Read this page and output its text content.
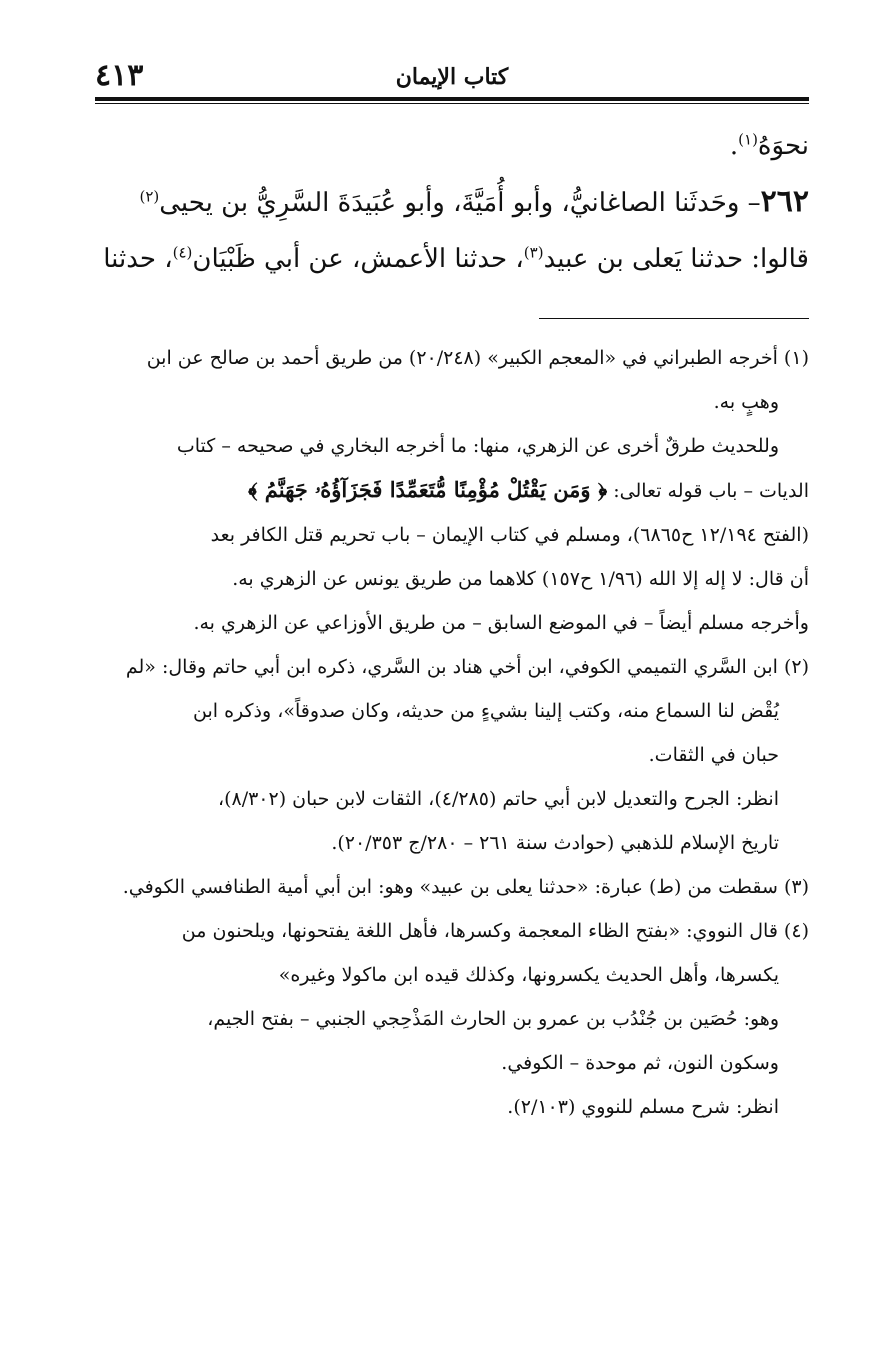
٤١٣	كتاب الإيمان
نحوَهُ$^{(١)}$.
٢٦٢– وحَدثَنا الصاغانيُّ، وأبو أُمَيَّةَ، وأبو عُبَيدَةَ السَّرِيُّ بن يحيى$^{(٢)}$
قالوا: حدثنا يَعلى بن عبيد$^{(٣)}$، حدثنا الأعمش، عن أبي ظَبْيَان$^{(٤)}$، حدثنا
(١) أخرجه الطبراني في «المعجم الكبير» (٢٠/٢٤٨) من طريق أحمد بن صالح عن ابن
وهبٍ به.
وللحديث طرقٌ أخرى عن الزهري، منها: ما أخرجه البخاري في صحيحه – كتاب
الديات – باب قوله تعالى: ﴿ وَمَن يَقْتُلْ مُؤْمِنًا مُّتَعَمِّدًا فَجَزَآؤُهُۥ جَهَنَّمُ ﴾
(الفتح ١٢/١٩٤ ح٦٨٦٥)، ومسلم في كتاب الإيمان – باب تحريم قتل الكافر بعد
أن قال: لا إله إلا الله (١/٩٦ ح١٥٧) كلاهما من طريق يونس عن الزهري به.
وأخرجه مسلم أيضاً – في الموضع السابق – من طريق الأوزاعي عن الزهري به.
(٢) ابن السَّري التميمي الكوفي، ابن أخي هناد بن السَّري، ذكره ابن أبي حاتم وقال: «لم
يُقْض لنا السماع منه، وكتب إلينا بشيءٍ من حديثه، وكان صدوقاً»، وذكره ابن
حبان في الثقات.
انظر: الجرح والتعديل لابن أبي حاتم (٤/٢٨٥)، الثقات لابن حبان (٨/٣٠٢)،
تاريخ الإسلام للذهبي (حوادث سنة ٢٦١ – ٢٨٠/ج ٢٠/٣٥٣).
(٣) سقطت من (ط) عبارة: «حدثنا يعلى بن عبيد» وهو: ابن أبي أمية الطنافسي الكوفي.
(٤) قال النووي: «بفتح الظاء المعجمة وكسرها، فأهل اللغة يفتحونها، ويلحنون من
يكسرها، وأهل الحديث يكسرونها، وكذلك قيده ابن ماكولا وغيره»
وهو: حُصَين بن جُنْدُب بن عمرو بن الحارث المَذْحِجي الجنبي – بفتح الجيم،
وسكون النون، ثم موحدة – الكوفي.
انظر: شرح مسلم للنووي (٢/١٠٣).
